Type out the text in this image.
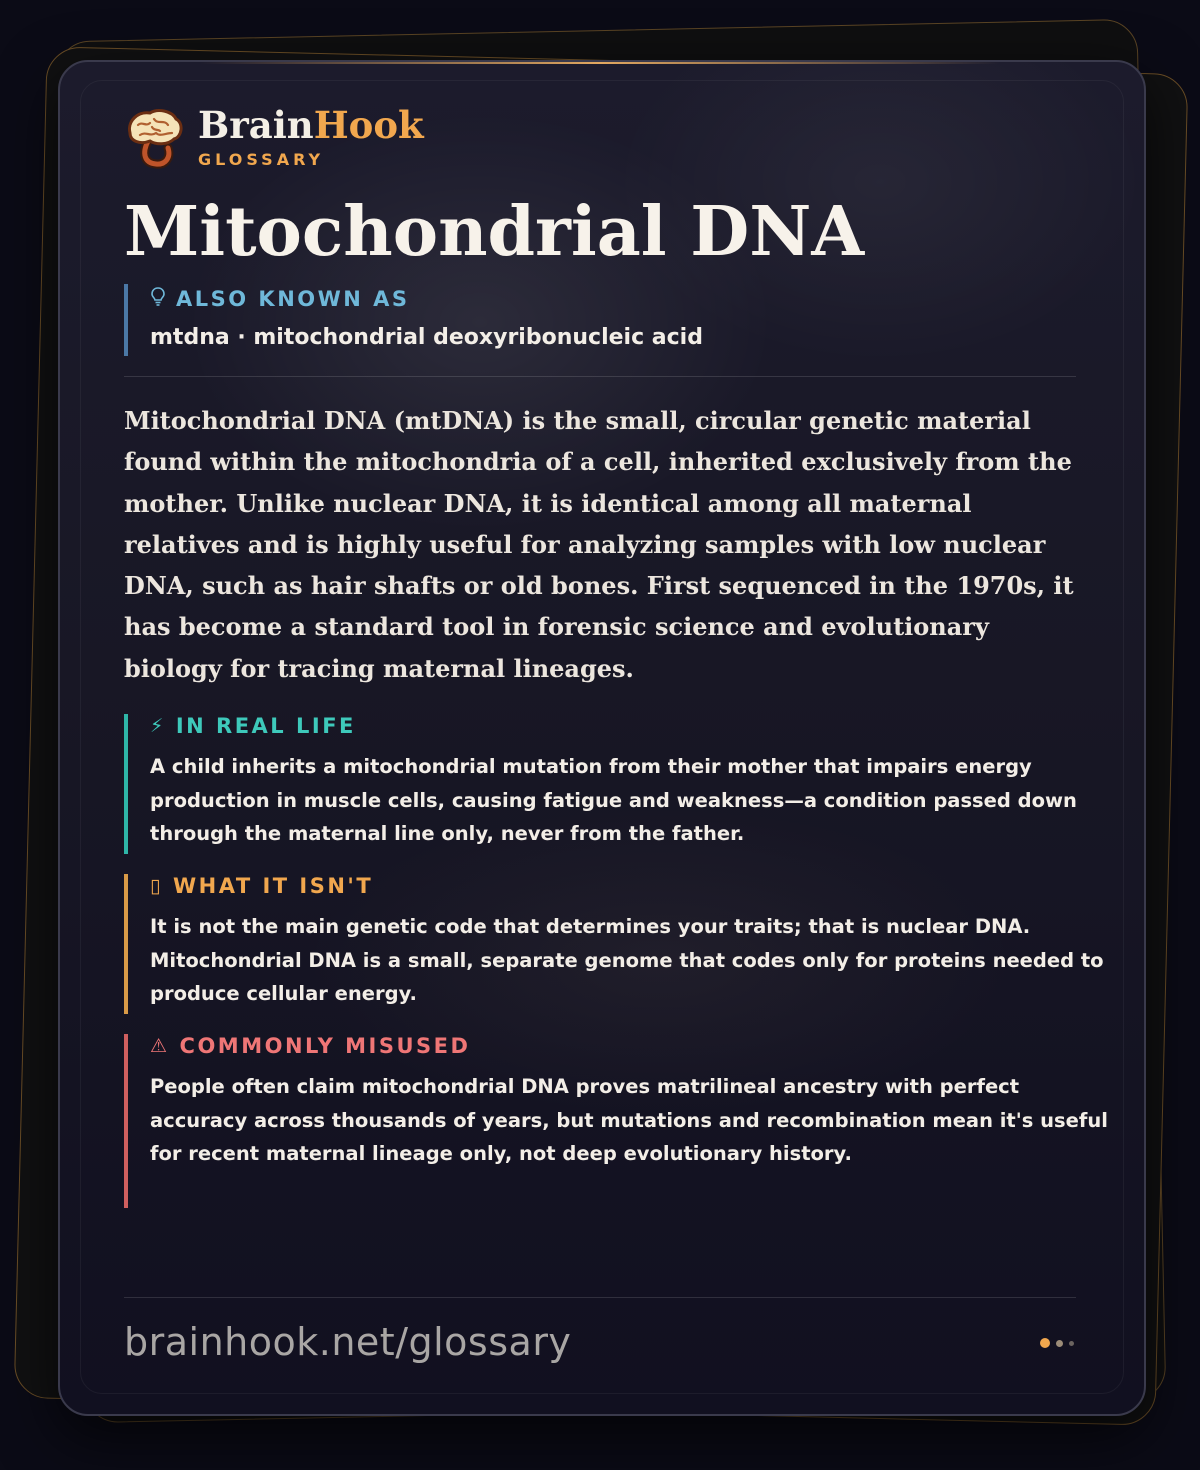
BrainHook
GLOSSARY
Mitochondrial DNA
ALSO KNOWN AS
mtdna · mitochondrial deoxyribonucleic acid
Mitochondrial DNA (mtDNA) is the small, circular genetic material found within the mitochondria of a cell, inherited exclusively from the mother. Unlike nuclear DNA, it is identical among all maternal relatives and is highly useful for analyzing samples with low nuclear DNA, such as hair shafts or old bones. First sequenced in the 1970s, it has become a standard tool in forensic science and evolutionary biology for tracing maternal lineages.
⚡ IN REAL LIFE
A child inherits a mitochondrial mutation from their mother that impairs energy production in muscle cells, causing fatigue and weakness—a condition passed down through the maternal line only, never from the father.
▯ WHAT IT ISN'T
It is not the main genetic code that determines your traits; that is nuclear DNA. Mitochondrial DNA is a small, separate genome that codes only for proteins needed to produce cellular energy.
⚠ COMMONLY MISUSED
People often claim mitochondrial DNA proves matrilineal ancestry with perfect accuracy across thousands of years, but mutations and recombination mean it's useful for recent maternal lineage only, not deep evolutionary history.
brainhook.net/glossary
